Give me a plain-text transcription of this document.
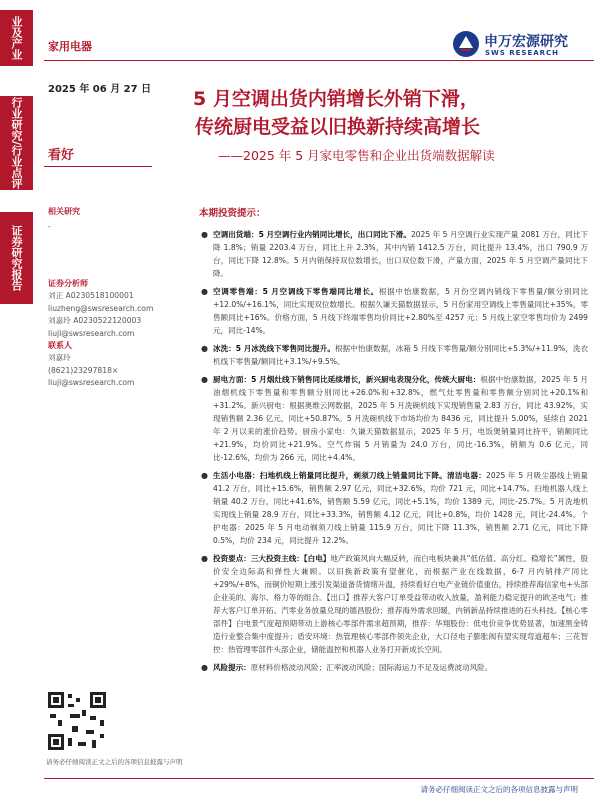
业及产业
行业研究/行业点评
证券研究报告
家用电器	申万宏源研究
SWS RESEARCH
2025 年 06 月 27 日
看好
相关研究
-
5 月空调出货内销增长外销下滑，
传统厨电受益以旧换新持续高增长
——2025 年 5 月家电零售和企业出货端数据解读
证券分析师
刘正 A0230518100001
liuzheng@swsresearch.com
刘嘉玲 A0230522120003
liujl@swsresearch.com
联系人
刘嘉玲
(8621)23297818×
liujl@swsresearch.com
本期投资提示：
● 空调出货端：5 月空调行业内销同比增长，出口同比下滑。2025 年 5 月空调行业实现产量 2081 万台，同比下降 1.8%；销量 2203.4 万台，同比上升 2.3%，其中内销 1412.5 万台，同比提升 13.4%，出口 790.9 万台，同比下降 12.8%。5 月内销保持双位数增长，出口双位数下滑，产量方面，2025 年 5 月空调产量同比下降。
● 空调零售端：5 月空调线下零售端同比增长。根据中怡康数据，5 月份空调内销线下零售量/额分别同比+12.0%/+16.1%，同比实现双位数增长。根据久谦天猫数据显示，5 月份家用空调线上零售量同比+35%，零售额同比+16%。价格方面，5 月线下终端零售均价同比+2.80%至 4257 元；5 月线上家空零售均价为 2499 元，同比-14%。
● 冰洗：5 月冰洗线下零售同比提升。根据中怡康数据，冰箱 5 月线下零售量/额分别同比+5.3%/+11.9%，洗衣机线下零售量/额同比+3.1%/+9.5%。
● 厨电方面：5 月烟灶线下销售同比延续增长，新兴厨电表现分化，传统大厨电：根据中怡康数据，2025 年 5 月油烟机线下零售量和零售额分别同比+26.0%和+32.8%，燃气灶零售量和零售额分别同比+20.1%和+31.2%。新兴厨电：根据奥维云网数据，2025 年 5 月洗碗机线下实现销售量 2.83 万台，同比 43.92%，实现销售额 2.36 亿元，同比+50.87%。5 月洗碗机线下市场均价为 8436 元，同比提升 5.00%，延续自 2021 年 2 月以来的涨价趋势。厨房小家电：久谦天猫数据显示，2025 年 5 月，电饭煲销量同比持平，销额同比+21.9%，均价同比+21.9%。空气炸锅 5 月销量为 24.0 万台，同比-16.3%，销额为 0.6 亿元，同比-12.6%，均价为 266 元，同比+4.4%。
● 生活小电器：扫地机线上销量同比提升，剃须刀线上销量同比下降。清洁电器：2025 年 5 月吸尘器线上销量 41.2 万台，同比+15.6%，销售额 2.97 亿元，同比+32.6%，均价 721 元，同比+14.7%。扫地机器人线上销量 40.2 万台，同比+41.6%，销售额 5.59 亿元，同比+5.1%，均价 1389 元，同比-25.7%。5 月洗地机实现线上销量 28.9 万台，同比+33.3%，销售额 4.12 亿元，同比+0.8%，均价 1428 元，同比-24.4%。个护电器：2025 年 5 月电动剃须刀线上销量 115.9 万台，同比下降 11.3%，销售额 2.71 亿元，同比下降 0.5%，均价 234 元，同比提升 12.2%。
● 投资要点：三大投资主线：【白电】地产政策风向大幅反转，而白电板块兼具“低估值、高分红、稳增长”属性，股价安全边际高和弹性大兼顾。以旧换新政策有望催化，而根据产业在线数据，6-7 月内销排产同比+29%/+8%，而铜价短期上涨引发渠道备货情绪升温，持续看好白电产业链价值重估，持续推荐海信家电+头部企业美的、海尔、格力等的组合。【出口】推荐大客户订单受益带动收入放量，盈利能力稳定提升的欧圣电气；推荐大客户订单开拓、汽零业务放量兑现的德昌股份；推荐海外需求回暖，内销新品持续推进的石头科技。【核心零部件】白电景气度超预期带动上游核心零部件需求超预期，推荐：华翔股份：低电价竞争优势显著，加速黑金铸造行业整合集中度提升；盾安环境：热管理核心零部件领先企业，大口径电子膨胀阀有望实现弯道超车；三花智控：热管理零部件头部企业，储能温控和机器人业务打开新成长空间。
● 风险提示：原材料价格波动风险；汇率波动风险；国际海运力不足及运费波动风险。
请务必仔细阅读正文之后的各项信息披露与声明
请务必仔细阅读正文之后的各项信息披露与声明
